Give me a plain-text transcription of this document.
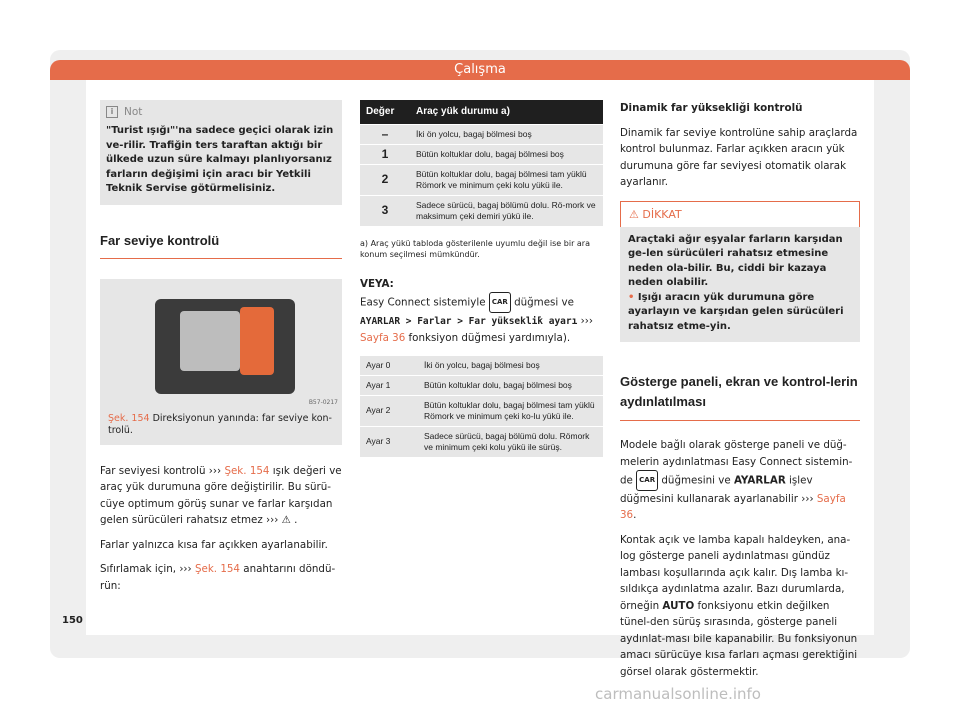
Çalışma
i	Not
"Turist ışığı"'na sadece geçici olarak izin ve-rilir. Trafiğin ters taraftan aktığı bir ülkede uzun süre kalmayı planlıyorsanız farların değişimi için aracı bir Yetkili Teknik Servise götürmelisiniz.
Far seviye kontrolü
B57-0217
Şek. 154 Direksiyonun yanında: far seviye kon-trolü.
Far seviyesi kontrolü ››› Şek. 154 ışık değeri ve araç yük durumuna göre değiştirilir. Bu sürü-cüye optimum görüş sunar ve farlar karşıdan gelen sürücüleri rahatsız etmez ››› ⚠ .
Farlar yalnızca kısa far açıkken ayarlanabilir.
Sıfırlamak için, ››› Şek. 154 anahtarını döndü-rün:
Değer	Araç yük durumu a)
–	İki ön yolcu, bagaj bölmesi boş
1	Bütün koltuklar dolu, bagaj bölmesi boş
2	Bütün koltuklar dolu, bagaj bölmesi tam yüklü Römork ve minimum çeki kolu yükü ile.
3	Sadece sürücü, bagaj bölümü dolu. Rö-mork ve maksimum çeki demiri yükü ile.
a) Araç yükü tabloda gösterilenle uyumlu değil ise bir ara konum seçilmesi mümkündür.
VEYA:
Easy Connect sistemiyle CAR düğmesi ve AYARLAR > Farlar > Far yüksekli̇k ayarı ››› Sayfa 36 fonksiyon düğmesi yardımıyla).
Ayar 0	İki ön yolcu, bagaj bölmesi boş
Ayar 1	Bütün koltuklar dolu, bagaj bölmesi boş
Ayar 2	Bütün koltuklar dolu, bagaj bölmesi tam yüklü Römork ve minimum çeki ko-lu yükü ile.
Ayar 3	Sadece sürücü, bagaj bölümü dolu. Römork ve minimum çeki kolu yükü ile sürüş.
Dinamik far yüksekliği kontrolü
Dinamik far seviye kontrolüne sahip araçlarda kontrol bulunmaz. Farlar açıkken aracın yük durumuna göre far seviyesi otomatik olarak ayarlanır.
⚠ DİKKAT
Araçtaki ağır eşyalar farların karşıdan ge-len sürücüleri rahatsız etmesine neden ola-bilir. Bu, ciddi bir kazaya neden olabilir.
• Işığı aracın yük durumuna göre ayarlayın ve karşıdan gelen sürücüleri rahatsız etme-yin.
Gösterge paneli, ekran ve kontrol-lerin aydınlatılması
Modele bağlı olarak gösterge paneli ve düğ-melerin aydınlatması Easy Connect sistemin-de CAR düğmesini ve AYARLAR işlev düğmesini kullanarak ayarlanabilir ››› Sayfa 36.
Kontak açık ve lamba kapalı haldeyken, ana-log gösterge paneli aydınlatması gündüz lambası koşullarında açık kalır. Dış lamba kı-sıldıkça aydınlatma azalır. Bazı durumlarda, örneğin AUTO fonksiyonu etkin değilken tünel-den sürüş sırasında, gösterge paneli aydınlat-ması bile kapanabilir. Bu fonksiyonun amacı sürücüye kısa farları açması gerektiğini görsel olarak göstermektir.
150
carmanualsonline.info
